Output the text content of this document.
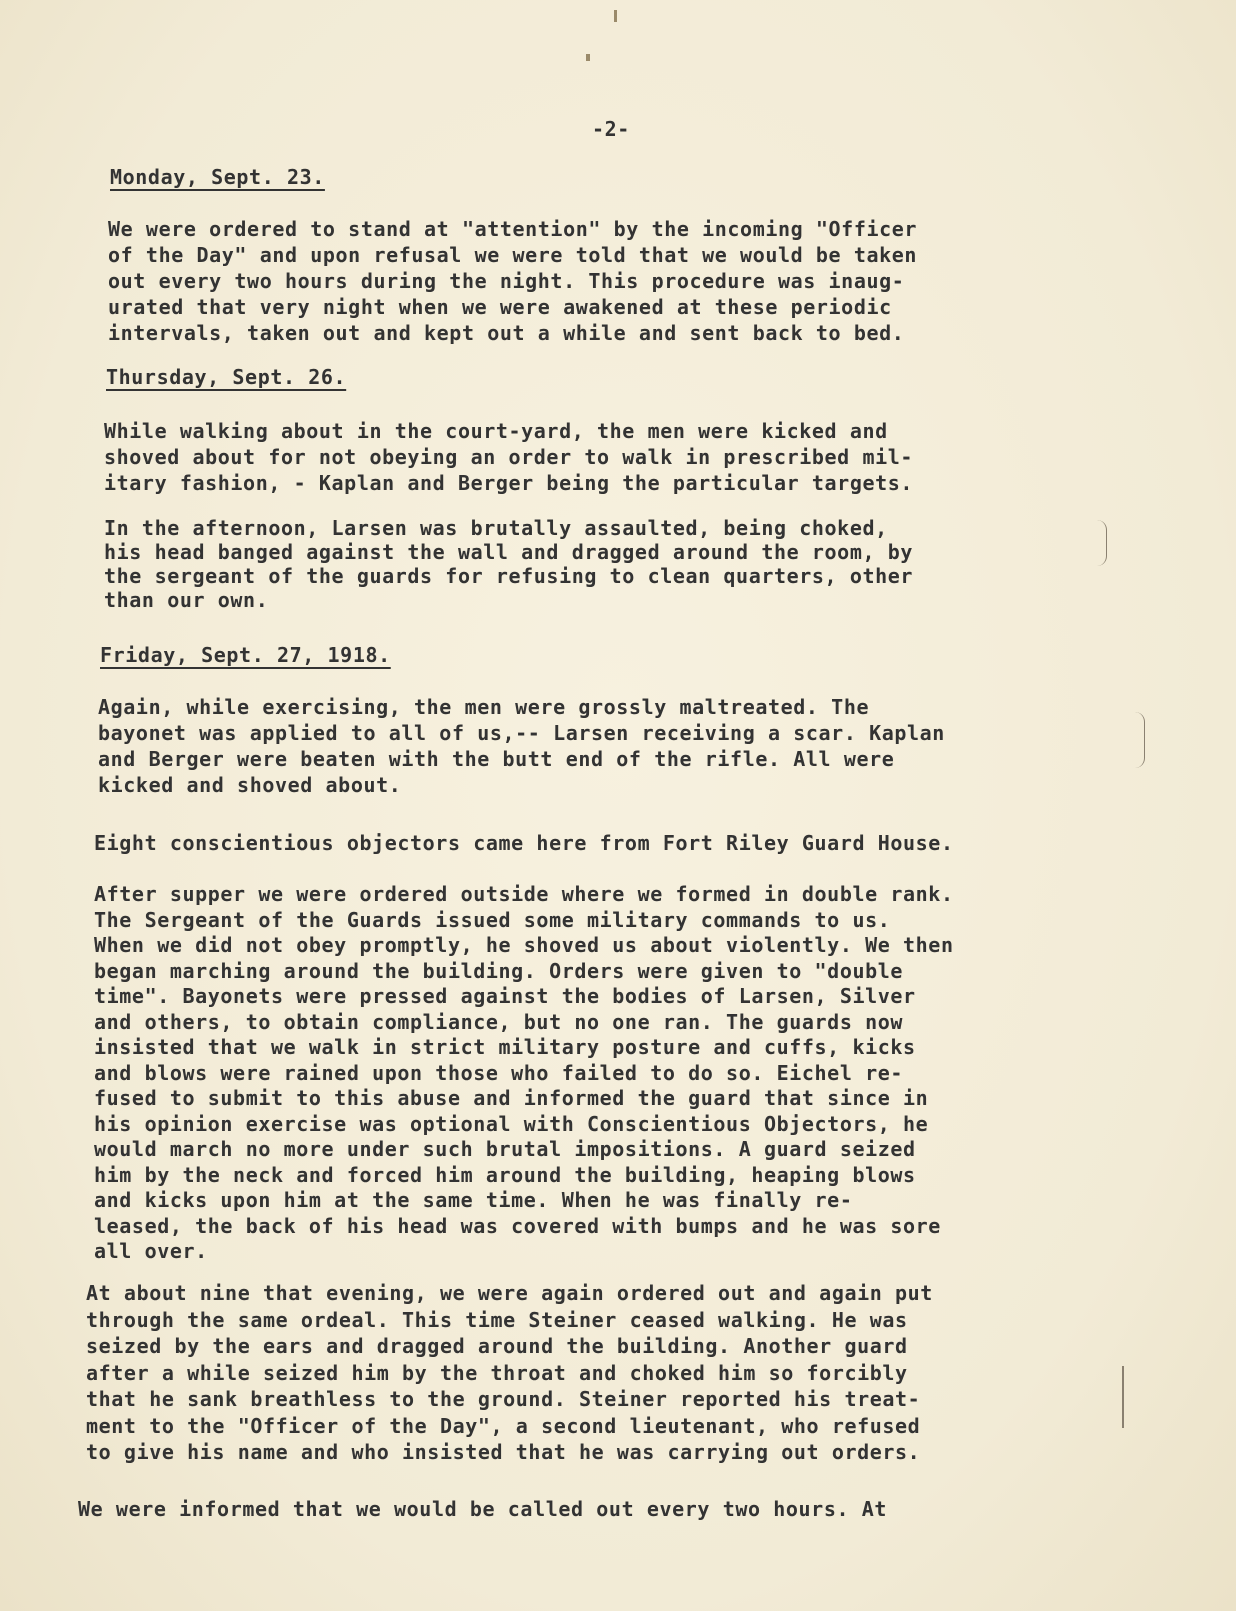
-2-
Monday, Sept. 23.
We were ordered to stand at "attention" by the incoming "Officer
of the Day" and upon refusal we were told that we would be taken
out every two hours during the night. This procedure was inaug-
urated that very night when we were awakened at these periodic
intervals, taken out and kept out a while and sent back to bed.
Thursday, Sept. 26.
While walking about in the court-yard, the men were kicked and
shoved about for not obeying an order to walk in prescribed mil-
itary fashion, - Kaplan and Berger being the particular targets.
In the afternoon, Larsen was brutally assaulted, being choked,
his head banged against the wall and dragged around the room, by
the sergeant of the guards for refusing to clean quarters, other
than our own.
Friday, Sept. 27, 1918.
Again, while exercising, the men were grossly maltreated. The
bayonet was applied to all of us,-- Larsen receiving a scar. Kaplan
and Berger were beaten with the butt end of the rifle. All were
kicked and shoved about.
Eight conscientious objectors came here from Fort Riley Guard House.
After supper we were ordered outside where we formed in double rank.
The Sergeant of the Guards issued some military commands to us.
When we did not obey promptly, he shoved us about violently. We then
began marching around the building. Orders were given to "double
time". Bayonets were pressed against the bodies of Larsen, Silver
and others, to obtain compliance, but no one ran. The guards now
insisted that we walk in strict military posture and cuffs, kicks
and blows were rained upon those who failed to do so. Eichel re-
fused to submit to this abuse and informed the guard that since in
his opinion exercise was optional with Conscientious Objectors, he
would march no more under such brutal impositions. A guard seized
him by the neck and forced him around the building, heaping blows
and kicks upon him at the same time. When he was finally re-
leased, the back of his head was covered with bumps and he was sore
all over.
At about nine that evening, we were again ordered out and again put
through the same ordeal. This time Steiner ceased walking. He was
seized by the ears and dragged around the building. Another guard
after a while seized him by the throat and choked him so forcibly
that he sank breathless to the ground. Steiner reported his treat-
ment to the "Officer of the Day", a second lieutenant, who refused
to give his name and who insisted that he was carrying out orders.
We were informed that we would be called out every two hours. At
